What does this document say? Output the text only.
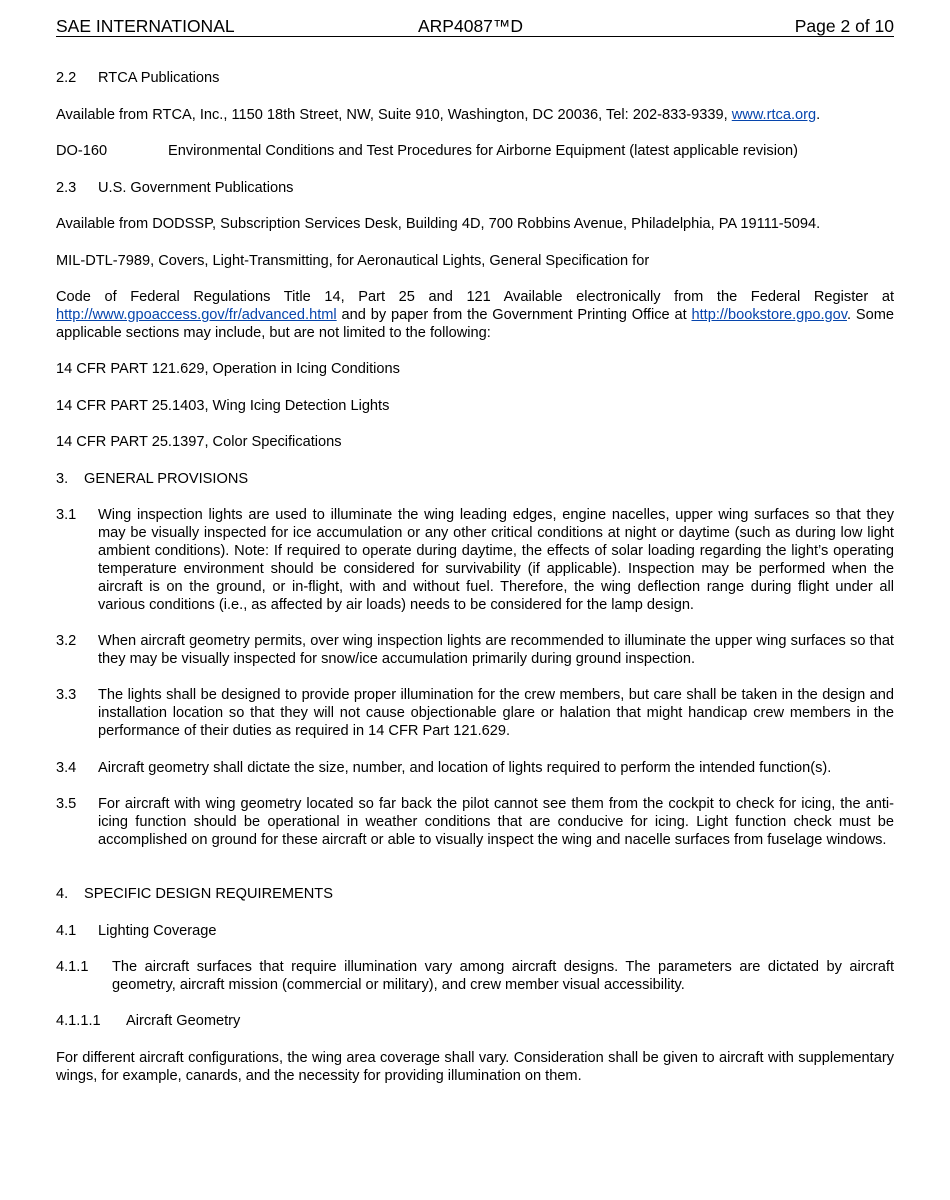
SAE INTERNATIONAL	ARP4087™D	Page 2 of 10
2.2 RTCA Publications

Available from RTCA, Inc., 1150 18th Street, NW, Suite 910, Washington, DC 20036, Tel: 202-833-9339, www.rtca.org.

DO-160	Environmental Conditions and Test Procedures for Airborne Equipment (latest applicable revision)
2.3 U.S. Government Publications

Available from DODSSP, Subscription Services Desk, Building 4D, 700 Robbins Avenue, Philadelphia, PA 19111-5094.

MIL-DTL-7989, Covers, Light-Transmitting, for Aeronautical Lights, General Specification for

Code of Federal Regulations Title 14, Part 25 and 121 Available electronically from the Federal Register at http://www.gpoaccess.gov/fr/advanced.html and by paper from the Government Printing Office at http://bookstore.gpo.gov. Some applicable sections may include, but are not limited to the following:

14 CFR PART 121.629, Operation in Icing Conditions

14 CFR PART 25.1403, Wing Icing Detection Lights

14 CFR PART 25.1397, Color Specifications

3. GENERAL PROVISIONS
3.1 Wing inspection lights are used to illuminate the wing leading edges, engine nacelles, upper wing surfaces so that they may be visually inspected for ice accumulation or any other critical conditions at night or daytime (such as during low light ambient conditions). Note: If required to operate during daytime, the effects of solar loading regarding the light’s operating temperature environment should be considered for survivability (if applicable). Inspection may be performed when the aircraft is on the ground, or in-flight, with and without fuel. Therefore, the wing deflection range during flight under all various conditions (i.e., as affected by air loads) needs to be considered for the lamp design.
3.2 When aircraft geometry permits, over wing inspection lights are recommended to illuminate the upper wing surfaces so that they may be visually inspected for snow/ice accumulation primarily during ground inspection.
3.3 The lights shall be designed to provide proper illumination for the crew members, but care shall be taken in the design and installation location so that they will not cause objectionable glare or halation that might handicap crew members in the performance of their duties as required in 14 CFR Part 121.629.
3.4 Aircraft geometry shall dictate the size, number, and location of lights required to perform the intended function(s).
3.5 For aircraft with wing geometry located so far back the pilot cannot see them from the cockpit to check for icing, the anti-icing function should be operational in weather conditions that are conducive for icing. Light function check must be accomplished on ground for these aircraft or able to visually inspect the wing and nacelle surfaces from fuselage windows.
4. SPECIFIC DESIGN REQUIREMENTS
4.1 Lighting Coverage
4.1.1 The aircraft surfaces that require illumination vary among aircraft designs. The parameters are dictated by aircraft geometry, aircraft mission (commercial or military), and crew member visual accessibility.
4.1.1.1 Aircraft Geometry

For different aircraft configurations, the wing area coverage shall vary. Consideration shall be given to aircraft with supplementary wings, for example, canards, and the necessity for providing illumination on them.
